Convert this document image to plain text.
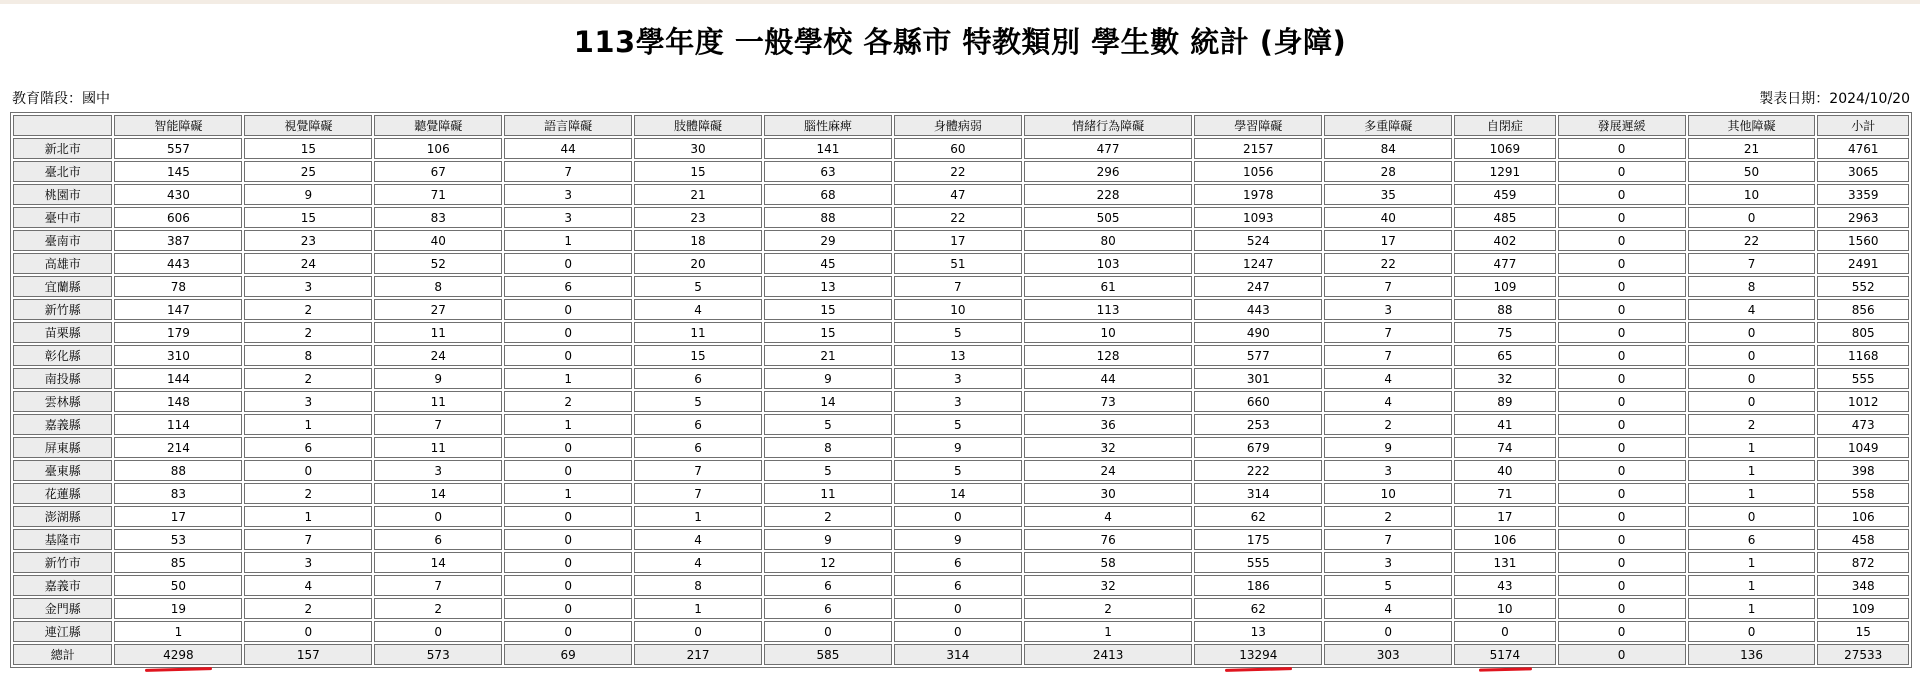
113學年度 一般學校 各縣市 特教類別 學生數 統計 (身障)
教育階段：國中	製表日期：2024/10/20
	智能障礙	視覺障礙	聽覺障礙	語言障礙	肢體障礙	腦性麻痺	身體病弱	情緒行為障礙	學習障礙	多重障礙	自閉症	發展遲緩	其他障礙	小計
新北市	557	15	106	44	30	141	60	477	2157	84	1069	0	21	4761
臺北市	145	25	67	7	15	63	22	296	1056	28	1291	0	50	3065
桃園市	430	9	71	3	21	68	47	228	1978	35	459	0	10	3359
臺中市	606	15	83	3	23	88	22	505	1093	40	485	0	0	2963
臺南市	387	23	40	1	18	29	17	80	524	17	402	0	22	1560
高雄市	443	24	52	0	20	45	51	103	1247	22	477	0	7	2491
宜蘭縣	78	3	8	6	5	13	7	61	247	7	109	0	8	552
新竹縣	147	2	27	0	4	15	10	113	443	3	88	0	4	856
苗栗縣	179	2	11	0	11	15	5	10	490	7	75	0	0	805
彰化縣	310	8	24	0	15	21	13	128	577	7	65	0	0	1168
南投縣	144	2	9	1	6	9	3	44	301	4	32	0	0	555
雲林縣	148	3	11	2	5	14	3	73	660	4	89	0	0	1012
嘉義縣	114	1	7	1	6	5	5	36	253	2	41	0	2	473
屏東縣	214	6	11	0	6	8	9	32	679	9	74	0	1	1049
臺東縣	88	0	3	0	7	5	5	24	222	3	40	0	1	398
花蓮縣	83	2	14	1	7	11	14	30	314	10	71	0	1	558
澎湖縣	17	1	0	0	1	2	0	4	62	2	17	0	0	106
基隆市	53	7	6	0	4	9	9	76	175	7	106	0	6	458
新竹市	85	3	14	0	4	12	6	58	555	3	131	0	1	872
嘉義市	50	4	7	0	8	6	6	32	186	5	43	0	1	348
金門縣	19	2	2	0	1	6	0	2	62	4	10	0	1	109
連江縣	1	0	0	0	0	0	0	1	13	0	0	0	0	15
總計	4298	157	573	69	217	585	314	2413	13294	303	5174	0	136	27533
